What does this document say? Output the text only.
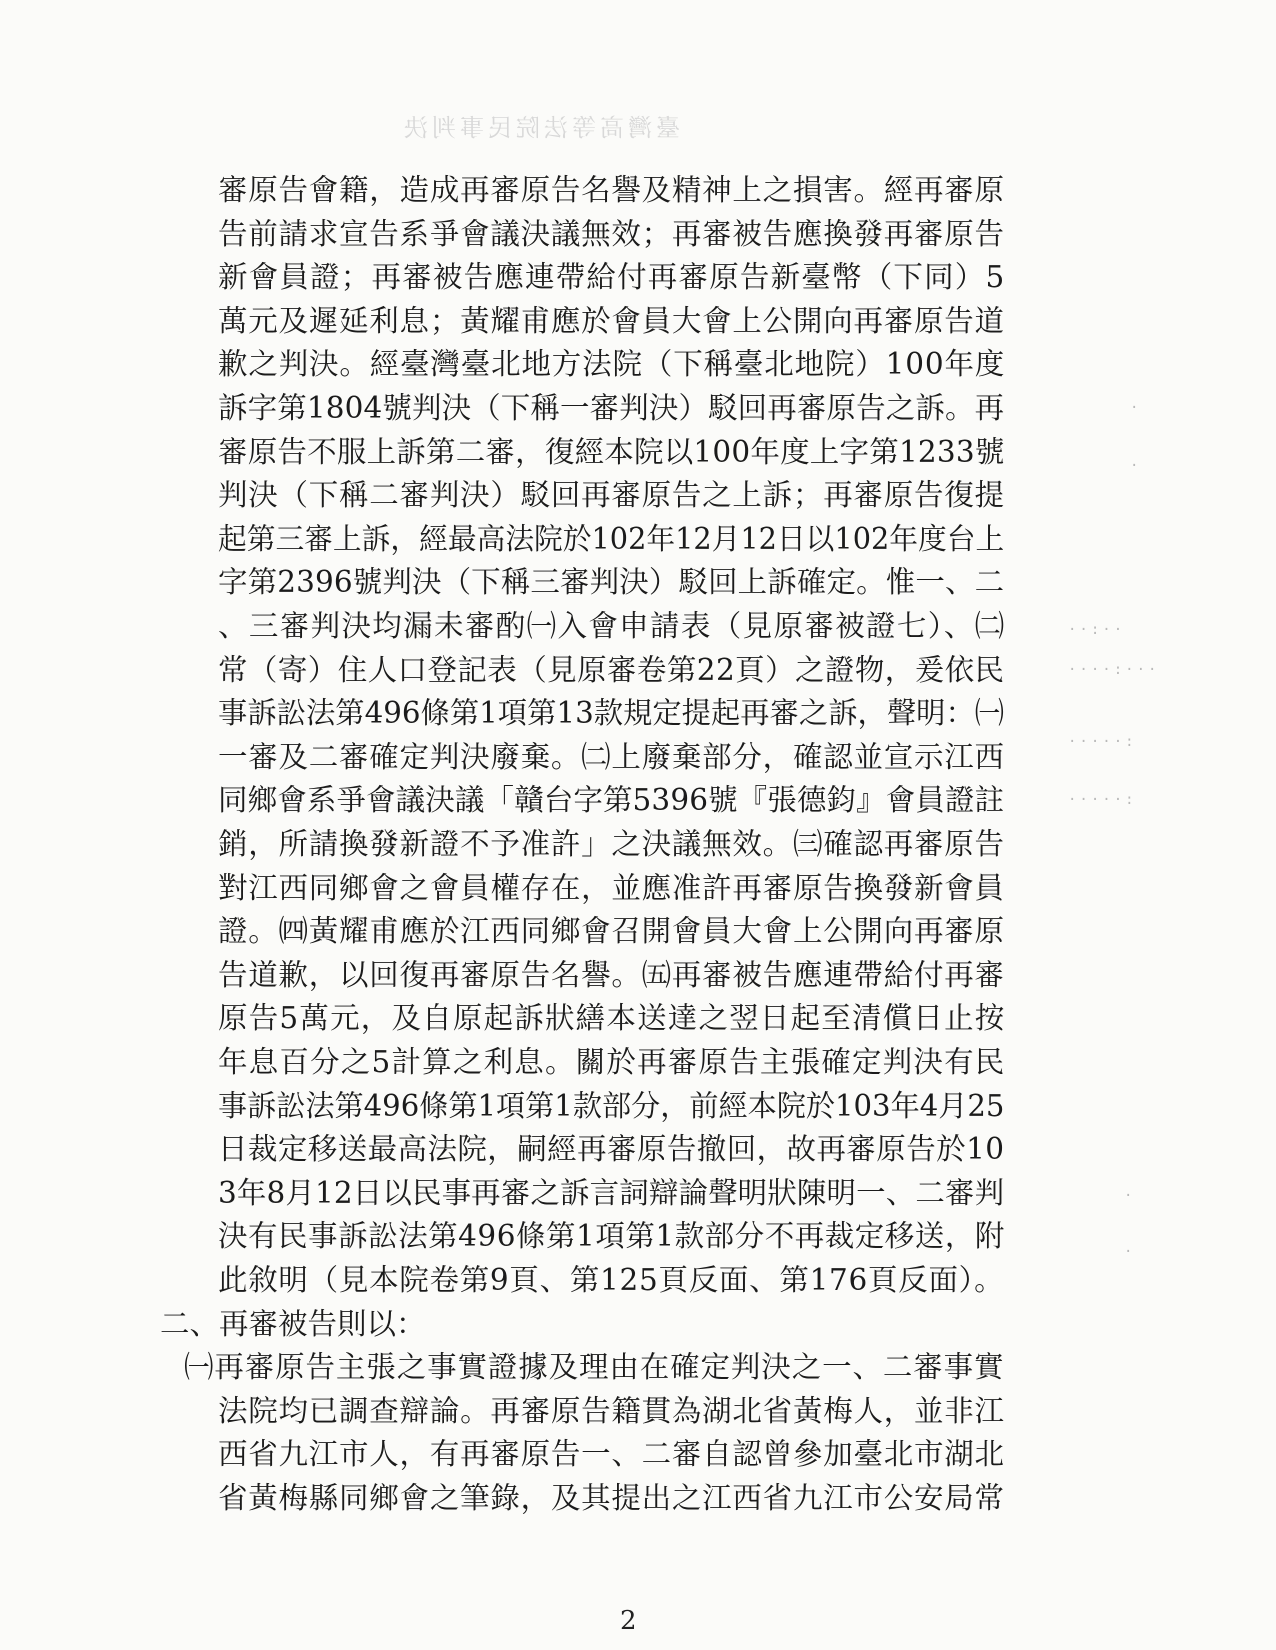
臺灣高等法院民事判決
審原告會籍，造成再審原告名譽及精神上之損害。經再審原
告前請求宣告系爭會議決議無效；再審被告應換發再審原告
新會員證；再審被告應連帶給付再審原告新臺幣（下同）5
萬元及遲延利息；黃耀甫應於會員大會上公開向再審原告道
歉之判決。經臺灣臺北地方法院（下稱臺北地院）100年度
訴字第1804號判決（下稱一審判決）駁回再審原告之訴。再
審原告不服上訴第二審，復經本院以100年度上字第1233號
判決（下稱二審判決）駁回再審原告之上訴；再審原告復提
起第三審上訴，經最高法院於102年12月12日以102年度台上
字第2396號判決（下稱三審判決）駁回上訴確定。惟一、二
、三審判決均漏未審酌㈠入會申請表（見原審被證七）、㈡
常（寄）住人口登記表（見原審卷第22頁）之證物，爰依民
事訴訟法第496條第1項第13款規定提起再審之訴，聲明：㈠
一審及二審確定判決廢棄。㈡上廢棄部分，確認並宣示江西
同鄉會系爭會議決議「贛台字第5396號『張德鈞』會員證註
銷，所請換發新證不予准許」之決議無效。㈢確認再審原告
對江西同鄉會之會員權存在，並應准許再審原告換發新會員
證。㈣黃耀甫應於江西同鄉會召開會員大會上公開向再審原
告道歉，以回復再審原告名譽。㈤再審被告應連帶給付再審
原告5萬元，及自原起訴狀繕本送達之翌日起至清償日止按
年息百分之5計算之利息。關於再審原告主張確定判決有民
事訴訟法第496條第1項第1款部分，前經本院於103年4月25
日裁定移送最高法院，嗣經再審原告撤回，故再審原告於10
3年8月12日以民事再審之訴言詞辯論聲明狀陳明一、二審判
決有民事訴訟法第496條第1項第1款部分不再裁定移送，附
此敘明（見本院卷第9頁、第125頁反面、第176頁反面）。
二、再審被告則以：
㈠再審原告主張之事實證據及理由在確定判決之一、二審事實
法院均已調查辯論。再審原告籍貫為湖北省黃梅人，並非江
西省九江市人，有再審原告一、二審自認曾參加臺北市湖北
省黃梅縣同鄉會之筆錄，及其提出之江西省九江市公安局常
··:··
····:···
·····:
·····:
·
·
·
·
2
